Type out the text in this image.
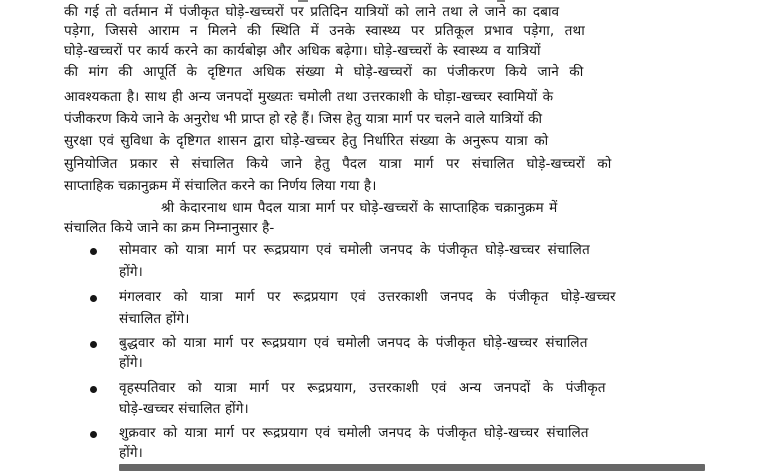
की गई तो वर्तमान में पंजीकृत घोड़े-खच्चरों पर प्रतिदिन यात्रियों को लाने तथा ले जाने का दबाव
पड़ेगा, जिससे आराम न मिलने की स्थिति में उनके स्वास्थ्य पर प्रतिकूल प्रभाव पड़ेगा, तथा
घोड़े-खच्चरों पर कार्य करने का कार्यबोझ और अधिक बढ़ेगा। घोड़े-खच्चरों के स्वास्थ्य व यात्रियों
की मांग की आपूर्ति के दृष्टिगत अधिक संख्या मे घोड़े-खच्चरों का पंजीकरण किये जाने की
आवश्यकता है। साथ ही अन्य जनपदों मुख्यतः चमोली तथा उत्तरकाशी के घोड़ा-खच्चर स्वामियों के
पंजीकरण किये जाने के अनुरोध भी प्राप्त हो रहे हैं। जिस हेतु यात्रा मार्ग पर चलने वाले यात्रियों की
सुरक्षा एवं सुविधा के दृष्टिगत शासन द्वारा घोड़े-खच्चर हेतु निर्धारित संख्या के अनुरूप यात्रा को
सुनियोजित प्रकार से संचालित किये जाने हेतु पैदल यात्रा मार्ग पर संचालित घोड़े-खच्चरों को
साप्ताहिक चक्रानुक्रम में संचालित करने का निर्णय लिया गया है।
श्री केदारनाथ धाम पैदल यात्रा मार्ग पर घोड़े-खच्चरों के साप्ताहिक चक्रानुक्रम में
संचालित किये जाने का क्रम निम्नानुसार है-
सोमवार को यात्रा मार्ग पर रूद्रप्रयाग एवं चमोली जनपद के पंजीकृत घोड़े-खच्चर संचालित
होंगे।
मंगलवार को यात्रा मार्ग पर रूद्रप्रयाग एवं उत्तरकाशी जनपद के पंजीकृत घोड़े-खच्चर
संचालित होंगे।
बुद्धवार को यात्रा मार्ग पर रूद्रप्रयाग एवं चमोली जनपद के पंजीकृत घोड़े-खच्चर संचालित
होंगे।
वृहस्पतिवार को यात्रा मार्ग पर रूद्रप्रयाग, उत्तरकाशी एवं अन्य जनपदों के पंजीकृत
घोड़े-खच्चर संचालित होंगे।
शुक्रवार को यात्रा मार्ग पर रूद्रप्रयाग एवं चमोली जनपद के पंजीकृत घोड़े-खच्चर संचालित
होंगे।
